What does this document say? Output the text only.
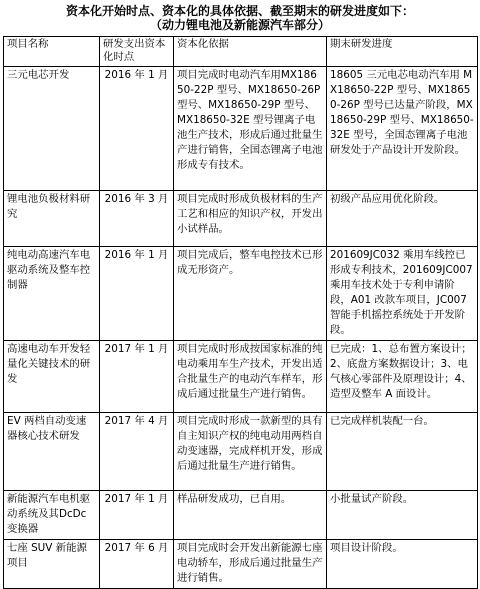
资本化开始时点、资本化的具体依据、截至期末的研发进度如下：
（动力锂电池及新能源汽车部分）
项目名称	研发支出资本化时点	资本化依据	期末研发进度
三元电芯开发	2016 年 1 月	项目完成时电动汽车用MX18650-22P 型号、MX18650-26P 型号、MX18650-29P 型号、MX18650-32E 型号锂离子电池生产技术，形成后通过批量生产进行销售，全国态锂离子电池形成专有技术。	18605 三元电芯电动汽车用 MX18650-22P 型号、MX18650-26P 型号已达量产阶段，MX18650-29P 型号、MX18650-32E 型号，全国态锂离子电池研发处于产品设计开发阶段。
锂电池负极材料研究	2016 年 3 月	项目完成时形成负极材料的生产工艺和相应的知识产权，开发出小试样品。	初级产品应用优化阶段。
纯电动高速汽车电驱动系统及整车控制器	2016 年 1 月	项目完成后，整车电控技术已形成无形资产。	201609JC032 乘用车线控已形成专利技术，201609JC007 乘用车技术处于专利申请阶段，A01 改款车项目，JC007 智能手机摇控系统处于开发阶段。
高速电动车开发轻量化关键技术的研发	2017 年 1 月	项目完成时形成按国家标准的纯电动乘用车生产技术，开发出适合批量生产的电动汽车样车，形成后通过批量生产进行销售。	已完成：1、总布置方案设计；2、底盘方案数据设计；3、电气核心零部件及原理设计；4、造型及整车 A 面设计。
EV 两档自动变速器核心技术研发	2017 年 4 月	项目完成时形成一款新型的具有自主知识产权的纯电动用两档自动变速器，完成样机开发，形成后通过批量生产进行销售。	已完成样机装配一台。
新能源汽车电机驱动系统及其DcDc变换器	2017 年 1 月	样品研发成功，已自用。	小批量试产阶段。
七座 SUV 新能源项目	2017 年 6 月	项目完成时会开发出新能源七座电动轿车，形成后通过批量生产进行销售。	项目设计阶段。
